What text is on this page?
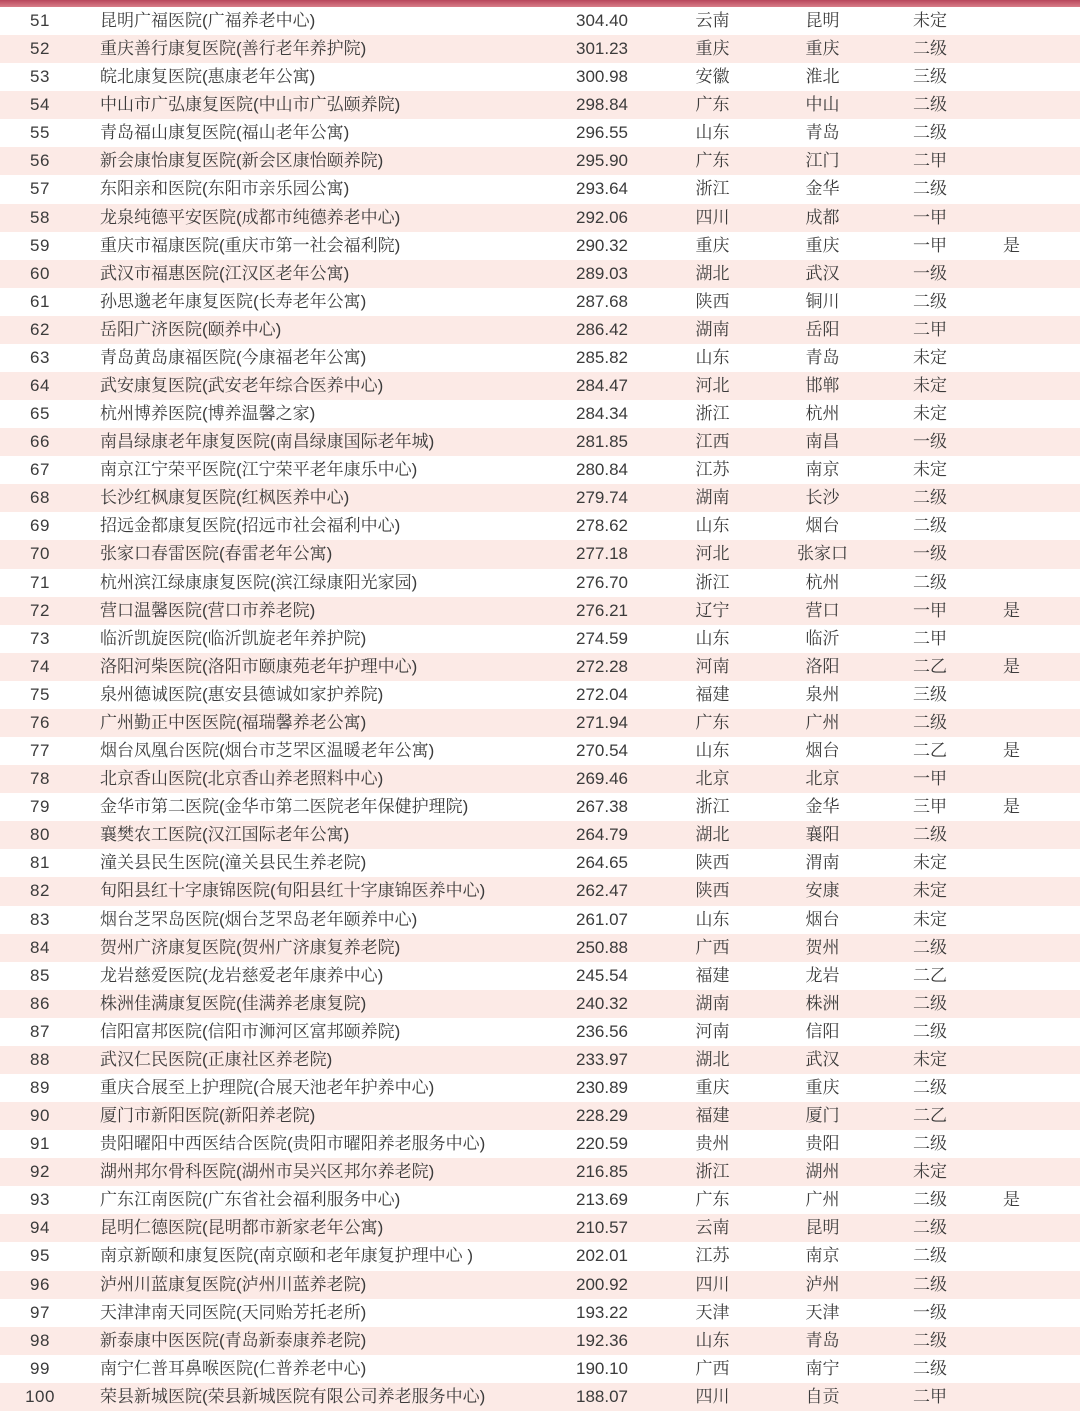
51	昆明广福医院(广福养老中心)	304.40	云南	昆明	未定
52	重庆善行康复医院(善行老年养护院)	301.23	重庆	重庆	二级
53	皖北康复医院(惠康老年公寓)	300.98	安徽	淮北	三级
54	中山市广弘康复医院(中山市广弘颐养院)	298.84	广东	中山	二级
55	青岛福山康复医院(福山老年公寓)	296.55	山东	青岛	二级
56	新会康怡康复医院(新会区康怡颐养院)	295.90	广东	江门	二甲
57	东阳亲和医院(东阳市亲乐园公寓)	293.64	浙江	金华	二级
58	龙泉纯德平安医院(成都市纯德养老中心)	292.06	四川	成都	一甲
59	重庆市福康医院(重庆市第一社会福利院)	290.32	重庆	重庆	一甲	是
60	武汉市福惠医院(江汉区老年公寓)	289.03	湖北	武汉	一级
61	孙思邈老年康复医院(长寿老年公寓)	287.68	陕西	铜川	二级
62	岳阳广济医院(颐养中心)	286.42	湖南	岳阳	二甲
63	青岛黄岛康福医院(今康福老年公寓)	285.82	山东	青岛	未定
64	武安康复医院(武安老年综合医养中心)	284.47	河北	邯郸	未定
65	杭州博养医院(博养温馨之家)	284.34	浙江	杭州	未定
66	南昌绿康老年康复医院(南昌绿康国际老年城)	281.85	江西	南昌	一级
67	南京江宁荣平医院(江宁荣平老年康乐中心)	280.84	江苏	南京	未定
68	长沙红枫康复医院(红枫医养中心)	279.74	湖南	长沙	二级
69	招远金都康复医院(招远市社会福利中心)	278.62	山东	烟台	二级
70	张家口春雷医院(春雷老年公寓)	277.18	河北	张家口	一级
71	杭州滨江绿康康复医院(滨江绿康阳光家园)	276.70	浙江	杭州	二级
72	营口温馨医院(营口市养老院)	276.21	辽宁	营口	一甲	是
73	临沂凯旋医院(临沂凯旋老年养护院)	274.59	山东	临沂	二甲
74	洛阳河柴医院(洛阳市颐康苑老年护理中心)	272.28	河南	洛阳	二乙	是
75	泉州德诚医院(惠安县德诚如家护养院)	272.04	福建	泉州	三级
76	广州勤正中医医院(福瑞馨养老公寓)	271.94	广东	广州	二级
77	烟台凤凰台医院(烟台市芝罘区温暖老年公寓)	270.54	山东	烟台	二乙	是
78	北京香山医院(北京香山养老照料中心)	269.46	北京	北京	一甲
79	金华市第二医院(金华市第二医院老年保健护理院)	267.38	浙江	金华	三甲	是
80	襄樊农工医院(汉江国际老年公寓)	264.79	湖北	襄阳	二级
81	潼关县民生医院(潼关县民生养老院)	264.65	陕西	渭南	未定
82	旬阳县红十字康锦医院(旬阳县红十字康锦医养中心)	262.47	陕西	安康	未定
83	烟台芝罘岛医院(烟台芝罘岛老年颐养中心)	261.07	山东	烟台	未定
84	贺州广济康复医院(贺州广济康复养老院)	250.88	广西	贺州	二级
85	龙岩慈爱医院(龙岩慈爱老年康养中心)	245.54	福建	龙岩	二乙
86	株洲佳满康复医院(佳满养老康复院)	240.32	湖南	株洲	二级
87	信阳富邦医院(信阳市浉河区富邦颐养院)	236.56	河南	信阳	二级
88	武汉仁民医院(正康社区养老院)	233.97	湖北	武汉	未定
89	重庆合展至上护理院(合展天池老年护养中心)	230.89	重庆	重庆	二级
90	厦门市新阳医院(新阳养老院)	228.29	福建	厦门	二乙
91	贵阳曜阳中西医结合医院(贵阳市曜阳养老服务中心)	220.59	贵州	贵阳	二级
92	湖州邦尔骨科医院(湖州市吴兴区邦尔养老院)	216.85	浙江	湖州	未定
93	广东江南医院(广东省社会福利服务中心)	213.69	广东	广州	二级	是
94	昆明仁德医院(昆明都市新家老年公寓)	210.57	云南	昆明	二级
95	南京新颐和康复医院(南京颐和老年康复护理中心 )	202.01	江苏	南京	二级
96	泸州川蓝康复医院(泸州川蓝养老院)	200.92	四川	泸州	二级
97	天津津南天同医院(天同贻芳托老所)	193.22	天津	天津	一级
98	新泰康中医医院(青岛新泰康养老院)	192.36	山东	青岛	二级
99	南宁仁普耳鼻喉医院(仁普养老中心)	190.10	广西	南宁	二级
100	荣县新城医院(荣县新城医院有限公司养老服务中心)	188.07	四川	自贡	二甲
